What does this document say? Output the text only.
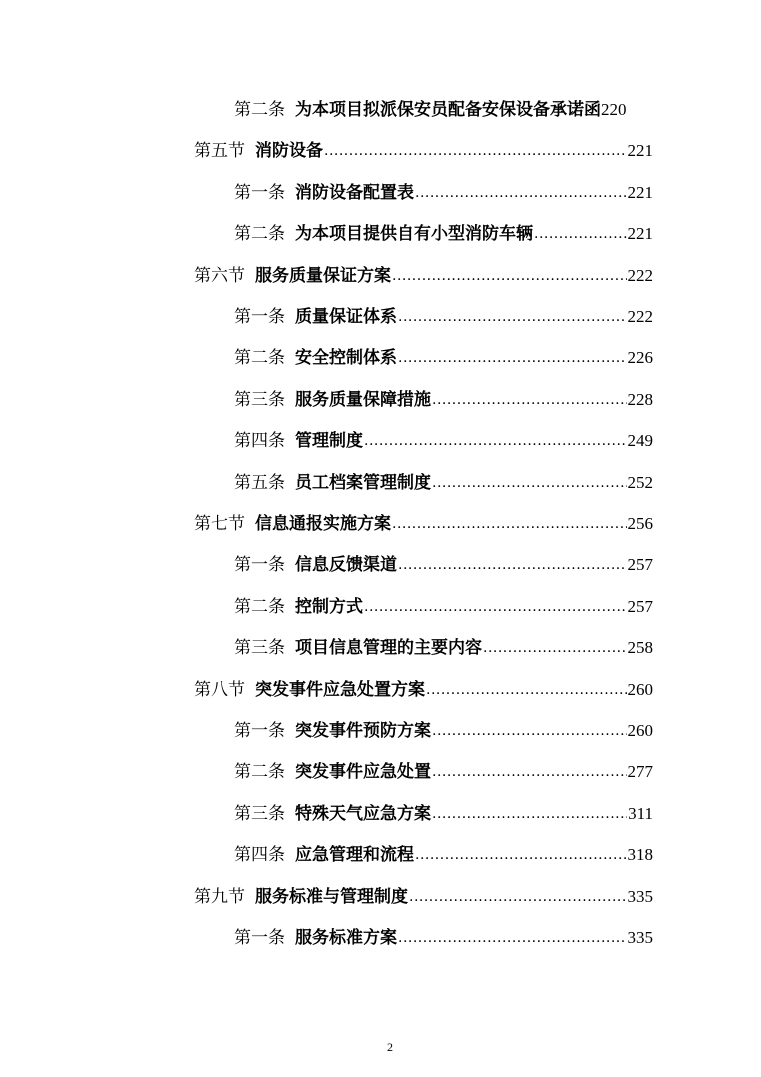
第二条 为本项目拟派保安员配备安保设备承诺函 220
第五节 消防设备 .....	221
第一条 消防设备配置表 .....	221
第二条 为本项目提供自有小型消防车辆 .....	221
第六节 服务质量保证方案 .....	222
第一条 质量保证体系 .....	222
第二条 安全控制体系 .....	226
第三条 服务质量保障措施 .....	228
第四条 管理制度 .....	249
第五条 员工档案管理制度 .....	252
第七节 信息通报实施方案 .....	256
第一条 信息反馈渠道 .....	257
第二条 控制方式 .....	257
第三条 项目信息管理的主要内容 .....	258
第八节 突发事件应急处置方案 .....	260
第一条 突发事件预防方案 .....	260
第二条 突发事件应急处置 .....	277
第三条 特殊天气应急方案 .....	311
第四条 应急管理和流程 .....	318
第九节 服务标准与管理制度 .....	335
第一条 服务标准方案 .....	335
2
